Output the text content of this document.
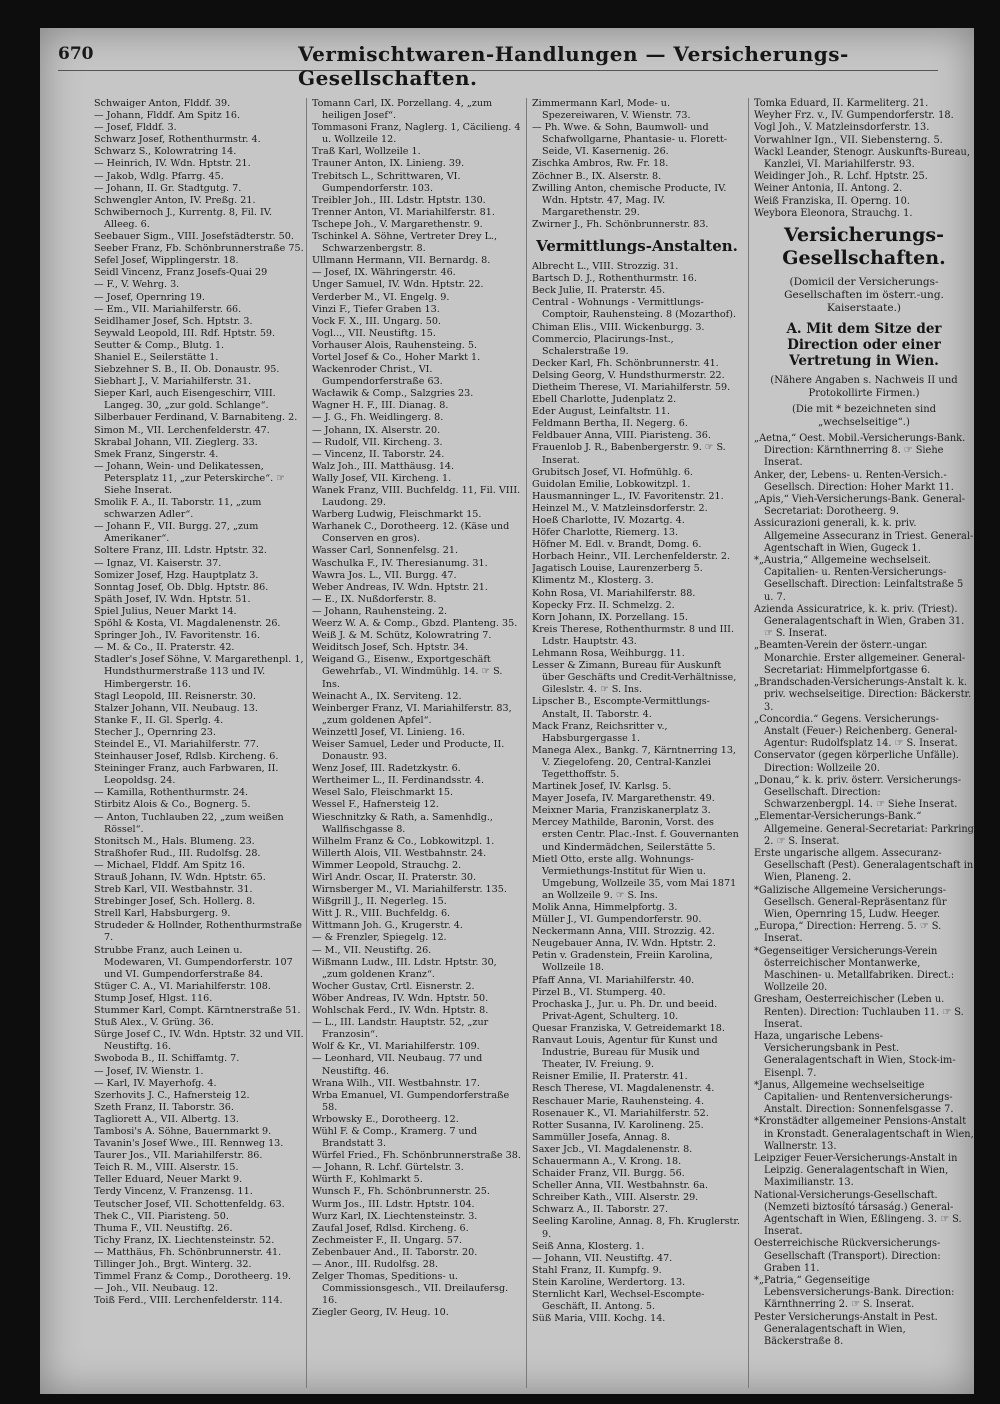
670	Vermischtwaren-Handlungen — Versicherungs-Gesellschaften.
Schwaiger Anton, Flddf. 39.
— Johann, Flddf. Am Spitz 16.
— Josef, Flddf. 3.
Schwarz Josef, Rothenthurmstr. 4.
Schwarz S., Kolowratring 14.
— Heinrich, IV. Wdn. Hptstr. 21.
— Jakob, Wdlg. Pfarrg. 45.
— Johann, II. Gr. Stadtgutg. 7.
Schwengler Anton, IV. Preßg. 21.
Schwibernoch J., Kurrentg. 8, Fil. IV. Alleeg. 6.
Seebauer Sigm., VIII. Josefstädterstr. 50.
Seeber Franz, Fb. Schönbrunnerstraße 75.
Sefel Josef, Wipplingerstr. 18.
Seidl Vincenz, Franz Josefs-Quai 29
— F., V. Wehrg. 3.
— Josef, Opernring 19.
— Em., VII. Mariahilferstr. 66.
Seidlhamer Josef, Sch. Hptstr. 3.
Seywald Leopold, III. Rdf. Hptstr. 59.
Seutter & Comp., Blutg. 1.
Shaniel E., Seilerstätte 1.
Siebzehner S. B., II. Ob. Donaustr. 95.
Siebhart J., V. Mariahilferstr. 31.
Sieper Karl, auch Eisengeschirr, VIII. Langeg. 30, „zur gold. Schlange“.
Silberbauer Ferdinand, V. Barnabiteng. 2.
Simon M., VII. Lerchenfelderstr. 47.
Skrabal Johann, VII. Zieglerg. 33.
Smek Franz, Singerstr. 4.
— Johann, Wein- und Delikatessen, Petersplatz 11, „zur Peterskirche“. ☞ Siehe Inserat.
Smolik F. A., II. Taborstr. 11, „zum schwarzen Adler“.
— Johann F., VII. Burgg. 27, „zum Amerikaner“.
Soltere Franz, III. Ldstr. Hptstr. 32.
— Ignaz, VI. Kaiserstr. 37.
Somizer Josef, Hzg. Hauptplatz 3.
Sonntag Josef, Ob. Dblg. Hptstr. 86.
Späth Josef, IV. Wdn. Hptstr. 51.
Spiel Julius, Neuer Markt 14.
Spöhl & Kosta, VI. Magdalenenstr. 26.
Springer Joh., IV. Favoritenstr. 16.
— M. & Co., II. Praterstr. 42.
Stadler's Josef Söhne, V. Margarethenpl. 1, Hundsthurmerstraße 113 und IV. Himbergerstr. 16.
Stagl Leopold, III. Reisnerstr. 30.
Stalzer Johann, VII. Neubaug. 13.
Stanke F., II. Gl. Sperlg. 4.
Stecher J., Opernring 23.
Steindel E., VI. Mariahilferstr. 77.
Steinhauser Josef, Rdlsb. Kircheng. 6.
Steininger Franz, auch Farbwaren, II. Leopoldsg. 24.
— Kamilla, Rothenthurmstr. 24.
Stirbitz Alois & Co., Bognerg. 5.
— Anton, Tuchlauben 22, „zum weißen Rössel“.
Stonitsch M., Hals. Blumeng. 23.
Straßhofer Rud., III. Rudolfsg. 28.
— Michael, Flddf. Am Spitz 16.
Strauß Johann, IV. Wdn. Hptstr. 65.
Streb Karl, VII. Westbahnstr. 31.
Strebinger Josef, Sch. Hollerg. 8.
Strell Karl, Habsburgerg. 9.
Strudeder & Hollnder, Rothenthurmstraße 7.
Strubbe Franz, auch Leinen u. Modewaren, VI. Gumpendorferstr. 107 und VI. Gumpendorferstraße 84.
Stüger C. A., VI. Mariahilferstr. 108.
Stump Josef, Hlgst. 116.
Stummer Karl, Compt. Kärntnerstraße 51.
Stuß Alex., V. Grüng. 36.
Sürge Josef C., IV. Wdn. Hptstr. 32 und VII. Neustiftg. 16.
Swoboda B., II. Schiffamtg. 7.
— Josef, IV. Wienstr. 1.
— Karl, IV. Mayerhofg. 4.
Szerhovits J. C., Hafnersteig 12.
Szeth Franz, II. Taborstr. 36.
Tagliorett A., VII. Albertg. 13.
Tambosi's A. Söhne, Bauernmarkt 9.
Tavanin's Josef Wwe., III. Rennweg 13.
Taurer Jos., VII. Mariahilferstr. 86.
Teich R. M., VIII. Alserstr. 15.
Teller Eduard, Neuer Markt 9.
Terdy Vincenz, V. Franzensg. 11.
Teutscher Josef, VII. Schottenfeldg. 63.
Thek C., VII. Piaristeng. 50.
Thuma F., VII. Neustiftg. 26.
Tichy Franz, IX. Liechtensteinstr. 52.
— Matthäus, Fh. Schönbrunnerstr. 41.
Tillinger Joh., Brgt. Winterg. 32.
Timmel Franz & Comp., Dorotheerg. 19.
— Joh., VII. Neubaug. 12.
Toiß Ferd., VIII. Lerchenfelderstr. 114.
Tomann Carl, IX. Porzellang. 4, „zum heiligen Josef“.
Tommasoni Franz, Naglerg. 1, Cäcilieng. 4 u. Wollzeile 12.
Traß Karl, Wollzeile 1.
Trauner Anton, IX. Linieng. 39.
Trebitsch L., Schrittwaren, VI. Gumpendorferstr. 103.
Treibler Joh., III. Ldstr. Hptstr. 130.
Trenner Anton, VI. Mariahilferstr. 81.
Tschepe Joh., V. Margarethenstr. 9.
Tschinkel A. Söhne, Vertreter Drey L., Schwarzenbergstr. 8.
Ullmann Hermann, VII. Bernardg. 8.
— Josef, IX. Währingerstr. 46.
Unger Samuel, IV. Wdn. Hptstr. 22.
Verderber M., VI. Engelg. 9.
Vinzi F., Tiefer Graben 13.
Vock F. X., III. Ungarg. 50.
Vogl..., VII. Neustiftg. 15.
Vorhauser Alois, Rauhensteing. 5.
Vortel Josef & Co., Hoher Markt 1.
Wackenroder Christ., VI. Gumpendorferstraße 63.
Wacławik & Comp., Salzgries 23.
Wagner H. F., III. Dianag. 8.
— J. G., Fh. Weidlingerg. 8.
— Johann, IX. Alserstr. 20.
— Rudolf, VII. Kircheng. 3.
— Vincenz, II. Taborstr. 24.
Walz Joh., III. Matthäusg. 14.
Wally Josef, VII. Kircheng. 1.
Wanek Franz, VIII. Buchfeldg. 11, Fil. VIII. Laudong. 29.
Warberg Ludwig, Fleischmarkt 15.
Warhanek C., Dorotheerg. 12. (Käse und Conserven en gros).
Wasser Carl, Sonnenfelsg. 21.
Waschulka F., IV. Theresianumg. 31.
Wawra Jos. L., VII. Burgg. 47.
Weber Andreas, IV. Wdn. Hptstr. 21.
— E., IX. Nußdorferstr. 8.
— Johann, Rauhensteing. 2.
Weerz W. A. & Comp., Gbzd. Planteng. 35.
Weiß J. & M. Schütz, Kolowratring 7.
Weiditsch Josef, Sch. Hptstr. 34.
Weigand G., Eisenw., Exportgeschäft Gewehrfab., VI. Windmühlg. 14. ☞ S. Ins.
Weinacht A., IX. Serviteng. 12.
Weinberger Franz, VI. Mariahilferstr. 83, „zum goldenen Apfel“.
Weinzettl Josef, VI. Linieng. 16.
Weiser Samuel, Leder und Producte, II. Donaustr. 93.
Wenz Josef, III. Radetzkystr. 6.
Wertheimer L., II. Ferdinandsstr. 4.
Wesel Salo, Fleischmarkt 15.
Wessel F., Hafnersteig 12.
Wieschnitzky & Rath, a. Samenhdlg., Wallfischgasse 8.
Wilhelm Franz & Co., Lobkowitzpl. 1.
Willerth Alois, VII. Westbahnstr. 24.
Wimmer Leopold, Strauchg. 2.
Wirl Andr. Oscar, II. Praterstr. 30.
Wirnsberger M., VI. Mariahilferstr. 135.
Wißgrill J., II. Negerleg. 15.
Witt J. R., VIII. Buchfeldg. 6.
Wittmann Joh. G., Krugerstr. 4.
— & Frenzler, Spiegelg. 12.
— M., VII. Neustiftg. 26.
Wißmann Ludw., III. Ldstr. Hptstr. 30, „zum goldenen Kranz“.
Wocher Gustav, Crtl. Eisnerstr. 2.
Wöber Andreas, IV. Wdn. Hptstr. 50.
Wohlschak Ferd., IV. Wdn. Hptstr. 8.
— L., III. Landstr. Hauptstr. 52, „zur Franzosin“.
Wolf & Kr., VI. Mariahilferstr. 109.
— Leonhard, VII. Neubaug. 77 und Neustiftg. 46.
Wrana Wilh., VII. Westbahnstr. 17.
Wrba Emanuel, VI. Gumpendorferstraße 58.
Wrbowsky E., Dorotheerg. 12.
Wühl F. & Comp., Kramerg. 7 und Brandstatt 3.
Würfel Fried., Fh. Schönbrunnerstraße 38.
— Johann, R. Lchf. Gürtelstr. 3.
Würth F., Kohlmarkt 5.
Wunsch F., Fh. Schönbrunnerstr. 25.
Wurm Jos., III. Ldstr. Hptstr. 104.
Wurz Karl, IX. Liechtensteinstr. 3.
Zaufal Josef, Rdlsd. Kircheng. 6.
Zechmeister F., II. Ungarg. 57.
Zebenbauer And., II. Taborstr. 20.
— Anor., III. Rudolfsg. 28.
Zelger Thomas, Speditions- u. Commissionsgesch., VII. Dreilaufersg. 16.
Ziegler Georg, IV. Heug. 10.
Zimmermann Karl, Mode- u. Spezereiwaren, V. Wienstr. 73.
— Ph. Wwe. & Sohn, Baumwoll- und Schafwollgarne, Phantasie- u. Florett-Seide, VI. Kasernenig. 26.
Zischka Ambros, Rw. Fr. 18.
Zöchner B., IX. Alserstr. 8.
Zwilling Anton, chemische Producte, IV. Wdn. Hptstr. 47, Mag. IV. Margarethenstr. 29.
Zwirner J., Fh. Schönbrunnerstr. 83.
Vermittlungs-Anstalten.
Albrecht L., VIII. Strozzig. 31.
Bartsch D. J., Rothenthurmstr. 16.
Beck Julie, II. Praterstr. 45.
Central - Wohnungs - Vermittlungs-Comptoir, Rauhensteing. 8 (Mozarthof).
Chiman Elis., VIII. Wickenburgg. 3.
Commercio, Placirungs-Inst., Schalerstraße 19.
Decker Karl, Fh. Schönbrunnerstr. 41.
Delsing Georg, V. Hundsthurmerstr. 22.
Dietheim Therese, VI. Mariahilferstr. 59.
Ebell Charlotte, Judenplatz 2.
Eder August, Leinfaltstr. 11.
Feldmann Bertha, II. Negerg. 6.
Feldbauer Anna, VIII. Piaristeng. 36.
Frauenlob J. R., Babenbergerstr. 9. ☞ S. Inserat.
Grubitsch Josef, VI. Hofmühlg. 6.
Guidolan Emilie, Lobkowitzpl. 1.
Hausmanninger L., IV. Favoritenstr. 21.
Heinzel M., V. Matzleinsdorferstr. 2.
Hoeß Charlotte, IV. Mozartg. 4.
Höfer Charlotte, Riemerg. 13.
Höfner M. Edl. v. Brandt, Domg. 6.
Horbach Heinr., VII. Lerchenfelderstr. 2.
Jagatisch Louise, Laurenzerberg 5.
Klimentz M., Klosterg. 3.
Kohn Rosa, VI. Mariahilferstr. 88.
Kopecky Frz. II. Schmelzg. 2.
Korn Johann, IX. Porzellang. 15.
Kreis Therese, Rothenthurmstr. 8 und III. Ldstr. Hauptstr. 43.
Lehmann Rosa, Weihburgg. 11.
Lesser & Zimann, Bureau für Auskunft über Geschäfts und Credit-Verhältnisse, Gileslstr. 4. ☞ S. Ins.
Lipscher B., Escompte-Vermittlungs-Anstalt, II. Taborstr. 4.
Mack Franz, Reichsritter v., Habsburgergasse 1.
Manega Alex., Bankg. 7, Kärntnerring 13, V. Ziegelofeng. 20, Central-Kanzlei Tegetthoffstr. 5.
Martinek Josef, IV. Karlsg. 5.
Mayer Josefa, IV. Margarethenstr. 49.
Meixner Maria, Franziskanerplatz 3.
Mercey Mathilde, Baronin, Vorst. des ersten Centr. Plac.-Inst. f. Gouvernanten und Kindermädchen, Seilerstätte 5.
Mietl Otto, erste allg. Wohnungs-Vermiethungs-Institut für Wien u. Umgebung, Wollzeile 35, vom Mai 1871 an Wollzeile 9. ☞ S. Ins.
Molik Anna, Himmelpfortg. 3.
Müller J., VI. Gumpendorferstr. 90.
Neckermann Anna, VIII. Strozzig. 42.
Neugebauer Anna, IV. Wdn. Hptstr. 2.
Petin v. Gradenstein, Freiin Karolina, Wollzeile 18.
Pfaff Anna, VI. Mariahilferstr. 40.
Pirzel B., VI. Stumperg. 40.
Prochaska J., Jur. u. Ph. Dr. und beeid. Privat-Agent, Schulterg. 10.
Quesar Franziska, V. Getreidemarkt 18.
Ranvaut Louis, Agentur für Kunst und Industrie, Bureau für Musik und Theater, IV. Freiung. 9.
Reisner Emilie, II. Praterstr. 41.
Resch Therese, VI. Magdalenenstr. 4.
Reschauer Marie, Rauhensteing. 4.
Rosenauer K., VI. Mariahilferstr. 52.
Rotter Susanna, IV. Karolineng. 25.
Sammüller Josefa, Annag. 8.
Saxer Jcb., VI. Magdalenenstr. 8.
Schauermann A., V. Krong. 18.
Schaider Franz, VII. Burgg. 56.
Scheller Anna, VII. Westbahnstr. 6a.
Schreiber Kath., VIII. Alserstr. 29.
Schwarz A., II. Taborstr. 27.
Seeling Karoline, Annag. 8, Fh. Kruglerstr. 9.
Seiß Anna, Klosterg. 1.
— Johann, VII. Neustiftg. 47.
Stahl Franz, II. Kumpfg. 9.
Stein Karoline, Werdertorg. 13.
Sternlicht Karl, Wechsel-Escompte-Geschäft, II. Antong. 5.
Süß Maria, VIII. Kochg. 14.
Tomka Eduard, II. Karmeliterg. 21.
Weyher Frz. v., IV. Gumpendorferstr. 18.
Vogl Joh., V. Matzleinsdorferstr. 13.
Vorwahlner Ign., VII. Siebensterng. 5.
Wackl Leander, Stenogr. Auskunfts-Bureau, Kanzlei, VI. Mariahilferstr. 93.
Weidinger Joh., R. Lchf. Hptstr. 25.
Weiner Antonia, II. Antong. 2.
Weiß Franziska, II. Operng. 10.
Weybora Eleonora, Strauchg. 1.
Versicherungs-Gesellschaften.
(Domicil der Versicherungs-Gesellschaften im österr.-ung. Kaiserstaate.)
A. Mit dem Sitze der Direction oder einer Vertretung in Wien.
(Nähere Angaben s. Nachweis II und Protokollirte Firmen.)
(Die mit * bezeichneten sind „wechselseitige“.)
„Aetna,“ Oest. Mobil.-Versicherungs-Bank. Direction: Kärnthnerring 8. ☞ Siehe Inserat.
Anker, der, Lebens- u. Renten-Versich.-Gesellsch. Direction: Hoher Markt 11.
„Apis,“ Vieh-Versicherungs-Bank. General-Secretariat: Dorotheerg. 9.
Assicurazioni generali, k. k. priv. Allgemeine Assecuranz in Triest. General-Agentschaft in Wien, Gugeck 1.
*„Austria,“ Allgemeine wechselseit. Capitalien- u. Renten-Versicherungs-Gesellschaft. Direction: Leinfaltstraße 5 u. 7.
Azienda Assicuratrice, k. k. priv. (Triest). Generalagentschaft in Wien, Graben 31. ☞ S. Inserat.
„Beamten-Verein der österr.-ungar. Monarchie. Erster allgemeiner. General-Secretariat: Himmelpfortgasse 6.
„Brandschaden-Versicherungs-Anstalt k. k. priv. wechselseitige. Direction: Bäckerstr. 3.
„Concordia.“ Gegens. Versicherungs-Anstalt (Feuer-) Reichenberg. General-Agentur: Rudolfsplatz 14. ☞ S. Inserat.
Conservator (gegen körperliche Unfälle). Direction: Wollzeile 20.
„Donau,“ k. k. priv. österr. Versicherungs-Gesellschaft. Direction: Schwarzenbergpl. 14. ☞ Siehe Inserat.
„Elementar-Versicherungs-Bank.“ Allgemeine. General-Secretariat: Parkring 2. ☞ S. Inserat.
Erste ungarische allgem. Assecuranz-Gesellschaft (Pest). Generalagentschaft in Wien, Planeng. 2.
*Galizische Allgemeine Versicherungs-Gesellsch. General-Repräsentanz für Wien, Opernring 15, Ludw. Heeger.
„Europa,“ Direction: Herreng. 5. ☞ S. Inserat.
*Gegenseitiger Versicherungs-Verein österreichischer Montanwerke, Maschinen- u. Metallfabriken. Direct.: Wollzeile 20.
Gresham, Oesterreichischer (Leben u. Renten). Direction: Tuchlauben 11. ☞ S. Inserat.
Haza, ungarische Lebens-Versicherungsbank in Pest. Generalagentschaft in Wien, Stock-im-Eisenpl. 7.
*Janus, Allgemeine wechselseitige Capitalien- und Rentenversicherungs-Anstalt. Direction: Sonnenfelsgasse 7.
*Kronstädter allgemeiner Pensions-Anstalt in Kronstadt. Generalagentschaft in Wien, Wallnerstr. 13.
Leipziger Feuer-Versicherungs-Anstalt in Leipzig. Generalagentschaft in Wien, Maximilianstr. 13.
National-Versicherungs-Gesellschaft. (Nemzeti biztosító társaság.) General-Agentschaft in Wien, Eßlingeng. 3. ☞ S. Inserat.
Oesterreichische Rückversicherungs-Gesellschaft (Transport). Direction: Graben 11.
*„Patria,“ Gegenseitige Lebensversicherungs-Bank. Direction: Kärnthnerring 2. ☞ S. Inserat.
Pester Versicherungs-Anstalt in Pest. Generalagentschaft in Wien, Bäckerstraße 8.
